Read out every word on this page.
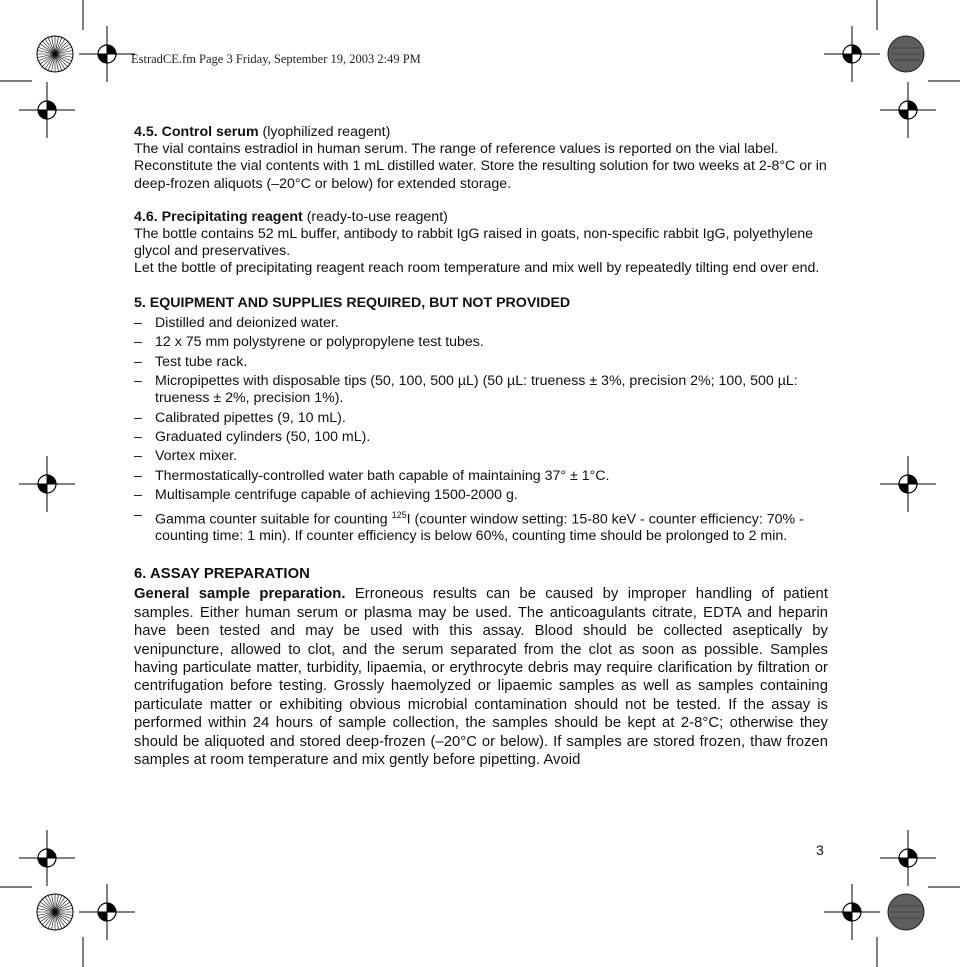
EstradCE.fm Page 3 Friday, September 19, 2003 2:49 PM

4.5. Control serum (lyophilized reagent)

The vial contains estradiol in human serum. The range of reference values is reported on the vial label.

Reconstitute the vial contents with 1 mL distilled water. Store the resulting solution for two weeks at 2-8°C or in deep-frozen aliquots (–20°C or below) for extended storage.

4.6. Precipitating reagent (ready-to-use reagent)

The bottle contains 52 mL buffer, antibody to rabbit IgG raised in goats, non-specific rabbit IgG, polyethylene glycol and preservatives.

Let the bottle of precipitating reagent reach room temperature and mix well by repeatedly tilting end over end.

5. EQUIPMENT AND SUPPLIES REQUIRED, BUT NOT PROVIDED

– Distilled and deionized water.
– 12 x 75 mm polystyrene or polypropylene test tubes.
– Test tube rack.
– Micropipettes with disposable tips (50, 100, 500 µL) (50 µL: trueness ± 3%, precision 2%; 100, 500 µL: trueness ± 2%, precision 1%).
– Calibrated pipettes (9, 10 mL).
– Graduated cylinders (50, 100 mL).
– Vortex mixer.
– Thermostatically-controlled water bath capable of maintaining 37° ± 1°C.
– Multisample centrifuge capable of achieving 1500-2000 g.
– Gamma counter suitable for counting $^{125}$I (counter window setting: 15-80 keV - counter efficiency: 70% - counting time: 1 min). If counter efficiency is below 60%, counting time should be prolonged to 2 min.

6. ASSAY PREPARATION

General sample preparation. Erroneous results can be caused by improper handling of patient samples. Either human serum or plasma may be used. The anticoagulants citrate, EDTA and heparin have been tested and may be used with this assay. Blood should be collected aseptically by venipuncture, allowed to clot, and the serum separated from the clot as soon as possible. Samples having particulate matter, turbidity, lipaemia, or erythrocyte debris may require clarification by filtration or centrifugation before testing. Grossly haemolyzed or lipaemic samples as well as samples containing particulate matter or exhibiting obvious microbial contamination should not be tested. If the assay is performed within 24 hours of sample collection, the samples should be kept at 2-8°C; otherwise they should be aliquoted and stored deep-frozen (–20°C or below). If samples are stored frozen, thaw frozen samples at room temperature and mix gently before pipetting. Avoid

3
